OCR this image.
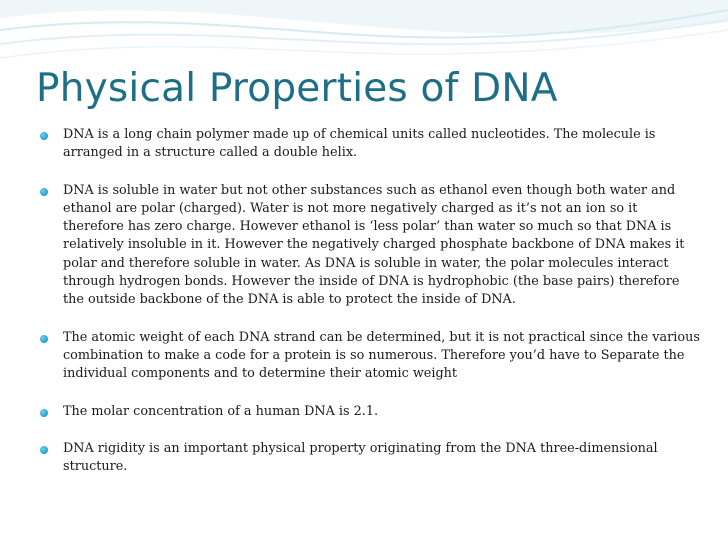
Physical Properties of DNA
DNA is a long chain polymer made up of chemical units called nucleotides. The molecule is arranged in a structure called a double helix.
DNA is soluble in water but not other substances such as ethanol even though both water and ethanol are polar (charged). Water is not more negatively charged as it’s not an ion so it therefore has zero charge. However ethanol is ‘less polar’ than water so much so that DNA is relatively insoluble in it. However the negatively charged phosphate backbone of DNA makes it polar and therefore soluble in water. As DNA is soluble in water, the polar molecules interact through hydrogen bonds. However the inside of DNA is hydrophobic (the base pairs) therefore the outside backbone of the DNA is able to protect the inside of DNA.
The atomic weight of each DNA strand can be determined, but it is not practical since the various combination to make a code for a protein is so numerous. Therefore you’d have to Separate the individual components and to determine their atomic weight
The molar concentration of a human DNA is 2.1.
DNA rigidity is an important physical property originating from the DNA three-dimensional structure.
